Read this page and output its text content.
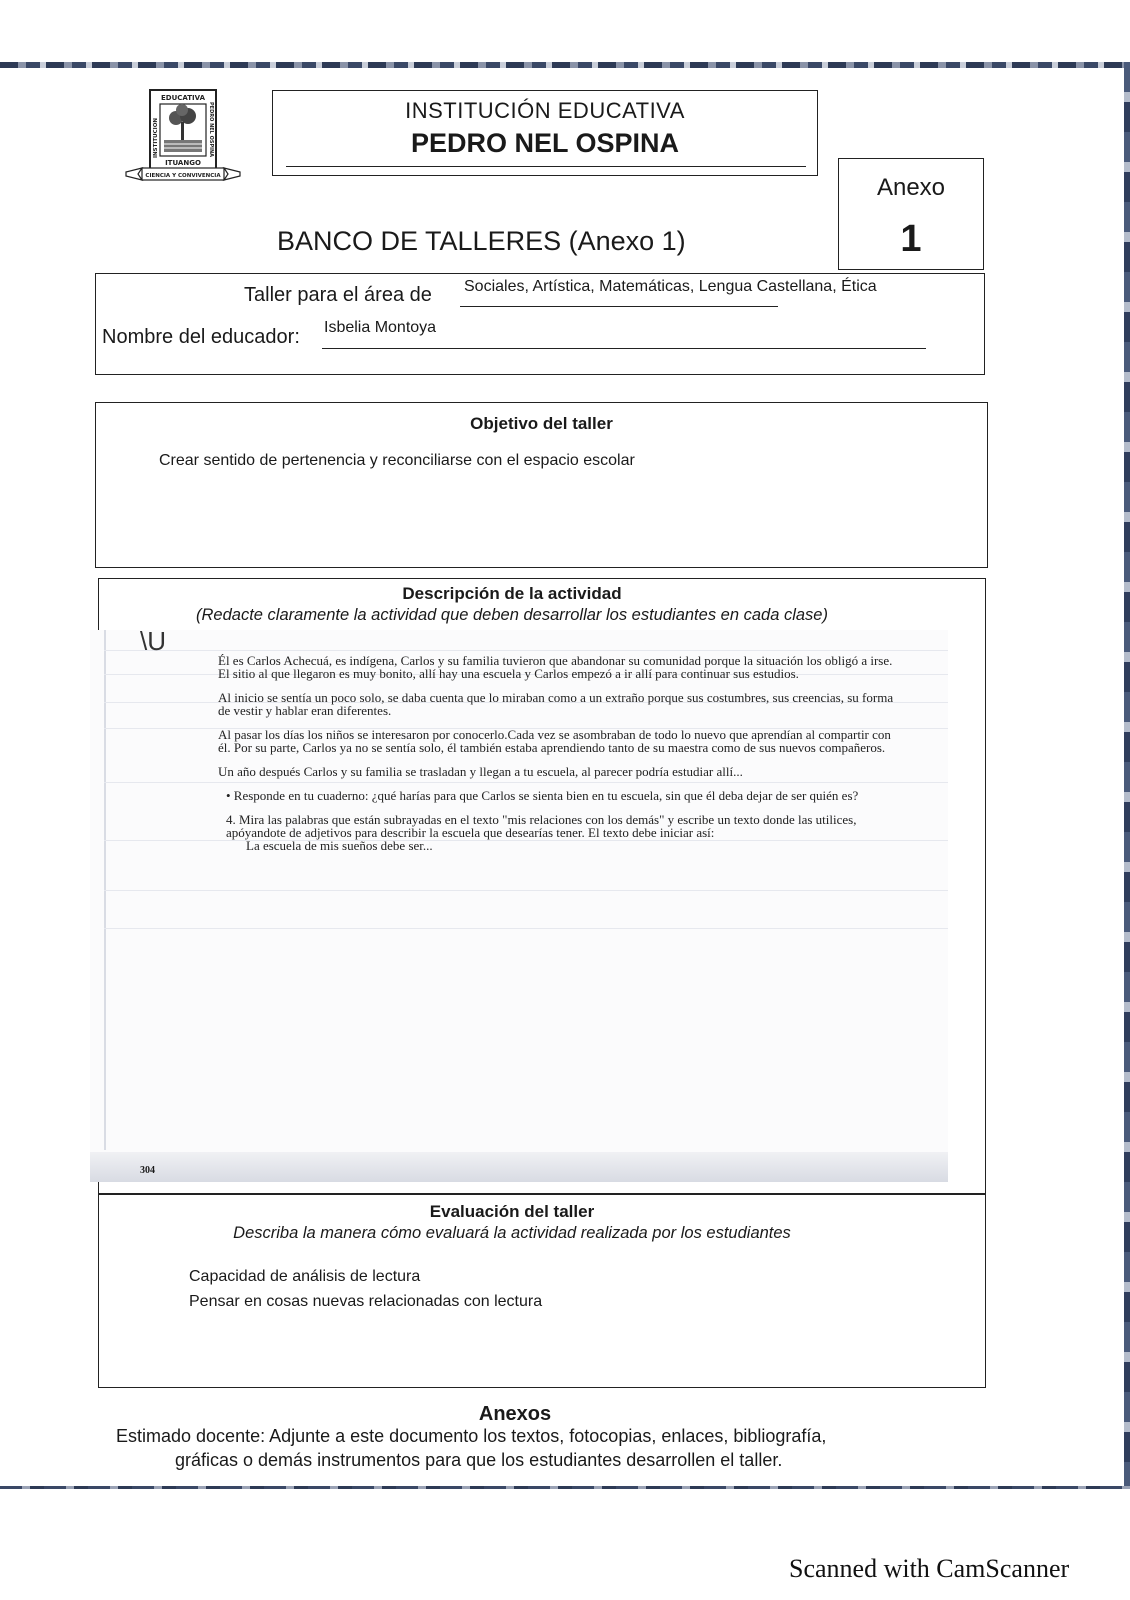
EDUCATIVA
INSTITUCION	PEDRO NEL OSPINA
ITUANGO
CIENCIA Y CONVIVENCIA
INSTITUCIÓN EDUCATIVA
PEDRO NEL OSPINA
Anexo
1
BANCO DE TALLERES (Anexo 1)
Taller para el área de Sociales, Artística, Matemáticas, Lengua Castellana, Ética
Nombre del educador: Isbelia Montoya
Objetivo del taller
Crear sentido de pertenencia y reconciliarse con el espacio escolar
Descripción de la actividad
(Redacte claramente la actividad que deben desarrollar los estudiantes en cada clase)
304
\U

Él es Carlos Achecuá, es indígena, Carlos y su familia tuvieron que abandonar su comunidad porque la situación los obligó a irse. El sitio al que llegaron es muy bonito, allí hay una escuela y Carlos empezó a ir allí para continuar sus estudios.

Al inicio se sentía un poco solo, se daba cuenta que lo miraban como a un extraño porque sus costumbres, sus creencias, su forma de vestir y hablar eran diferentes.

Al pasar los días los niños se interesaron por conocerlo.Cada vez se asombraban de todo lo nuevo que aprendían al compartir con él. Por su parte, Carlos ya no se sentía solo, él también estaba aprendiendo tanto de su maestra como de sus nuevos compañeros.

Un año después Carlos y su familia se trasladan y llegan a tu escuela, al parecer podría estudiar allí...

• Responde en tu cuaderno: ¿qué harías para que Carlos se sienta bien en tu escuela, sin que él deba dejar de ser quién es?

4. Mira las palabras que están subrayadas en el texto "mis relaciones con los demás" y escribe un texto donde las utilices, apóyandote de adjetivos para describir la escuela que desearías tener. El texto debe iniciar así:

La escuela de mis sueños debe ser...

Evaluación del taller
Describa la manera cómo evaluará la actividad realizada por los estudiantes
Capacidad de análisis de lectura
Pensar en cosas nuevas relacionadas con lectura
Anexos
Estimado docente: Adjunte a este documento los textos, fotocopias, enlaces, bibliografía,
gráficas o demás instrumentos para que los estudiantes desarrollen el taller.
Scanned with CamScanner
